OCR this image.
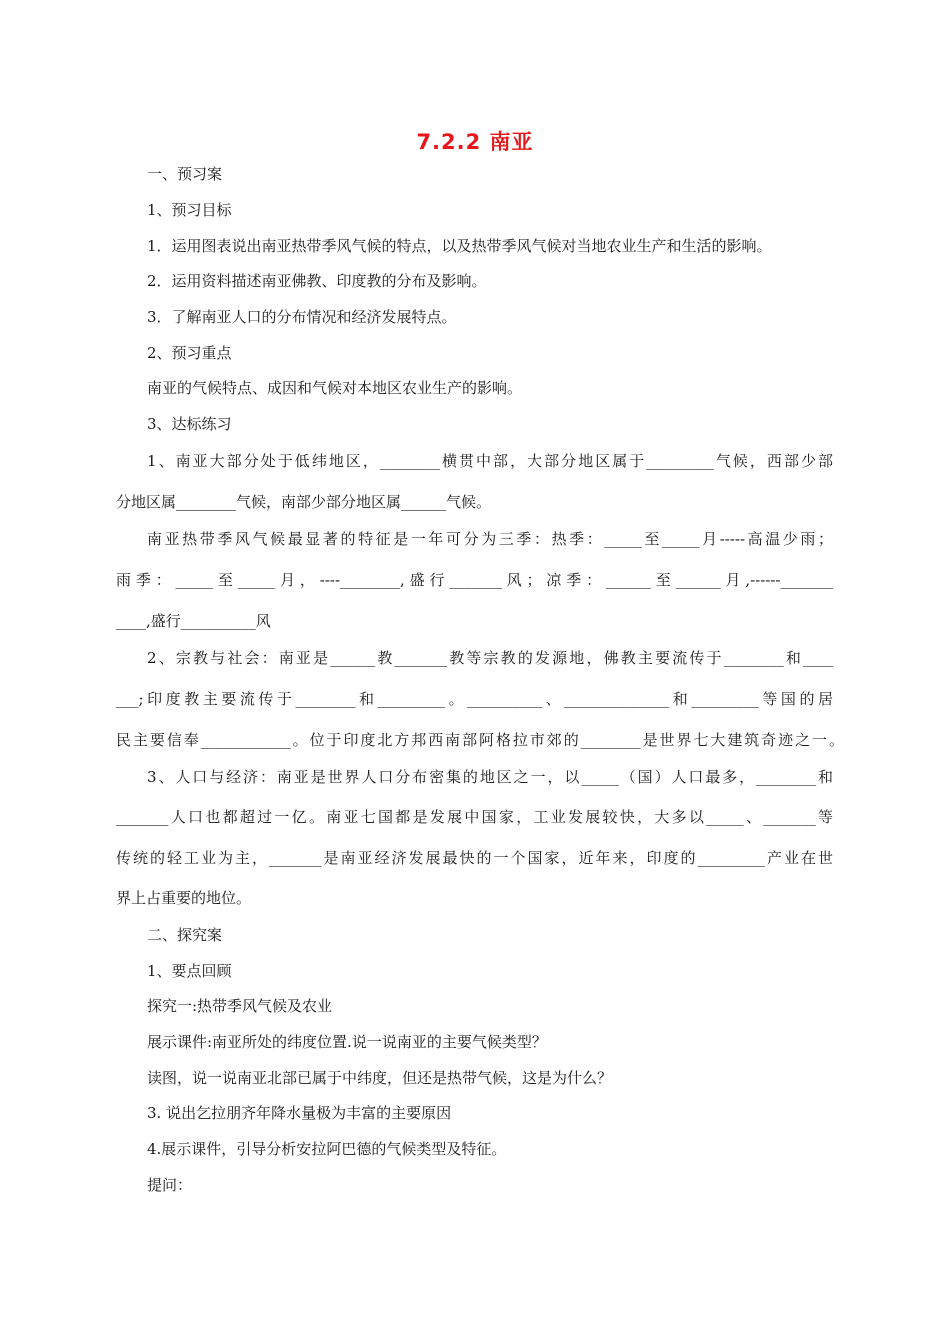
7.2.2 南亚
一、预习案
1、预习目标
1．运用图表说出南亚热带季风气候的特点，以及热带季风气候对当地农业生产和生活的影响。
2．运用资料描述南亚佛教、印度教的分布及影响。
3．了解南亚人口的分布情况和经济发展特点。
2、预习重点
南亚的气候特点、成因和气候对本地区农业生产的影响。
3、达标练习
1、南亚大部分处于低纬地区，________横贯中部，大部分地区属于_________气候，西部少部
分地区属________气候，南部少部分地区属______气候。
南亚热带季风气候最显著的特征是一年可分为三季：热季：_____至_____月-----高温少雨；
雨季：_____至_____月，----________,盛行_______风；凉季：______至______月,------_______
____,盛行__________风
2、宗教与社会：南亚是______教_______教等宗教的发源地，佛教主要流传于________和____
___;印度教主要流传于________和_________。__________、______________和_________等国的居
民主要信奉____________。位于印度北方邦西南部阿格拉市郊的________是世界七大建筑奇迹之一。
3、人口与经济：南亚是世界人口分布密集的地区之一，以_____（国）人口最多，________和
_______人口也都超过一亿。南亚七国都是发展中国家，工业发展较快，大多以_____、_______等
传统的轻工业为主，_______是南亚经济发展最快的一个国家，近年来，印度的_________产业在世
界上占重要的地位。
二、探究案
1、要点回顾
探究一:热带季风气候及农业
展示课件:南亚所处的纬度位置.说一说南亚的主要气候类型？
读图，说一说南亚北部已属于中纬度，但还是热带气候，这是为什么？
3. 说出乞拉朋齐年降水量极为丰富的主要原因
4.展示课件，引导分析安拉阿巴德的气候类型及特征。
提问：
